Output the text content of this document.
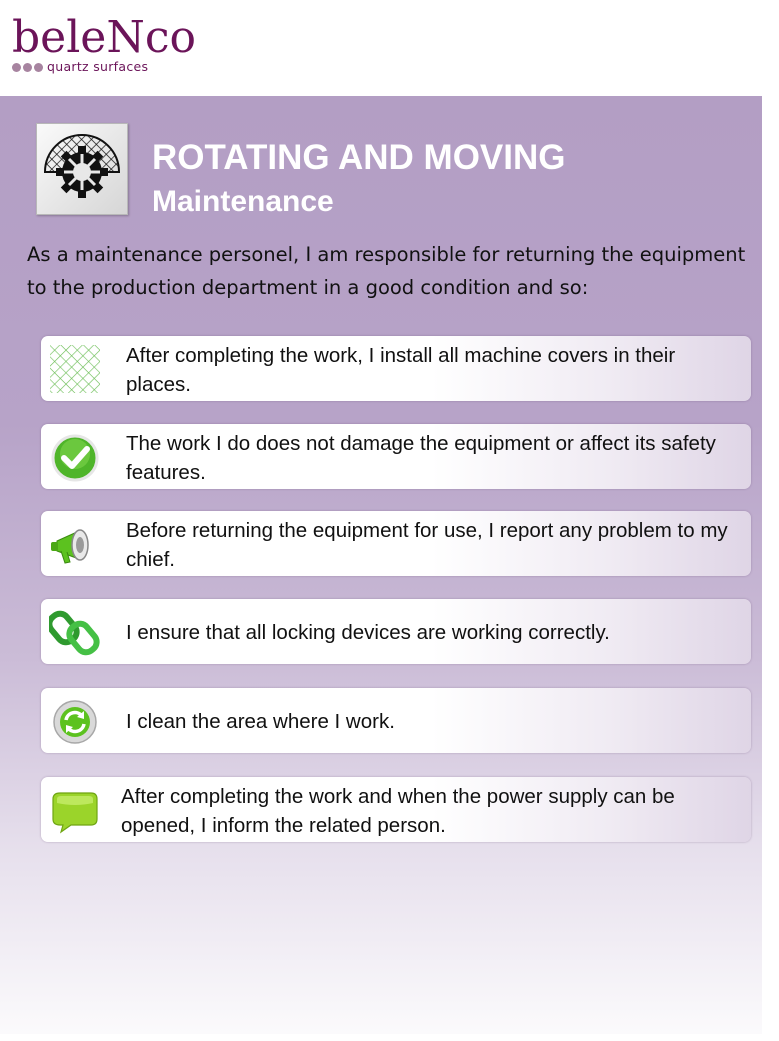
beleNco
quartz surfaces
ROTATING AND MOVING
Maintenance
As a maintenance personel, I am responsible for returning the equipment to the production department in a good condition and so:
After completing the work, I install all machine covers in their places.
The work I do does not damage the equipment or affect its safety features.
Before returning the equipment for use, I report any problem to my chief.
I ensure that all locking devices are working correctly.
I clean the area where I work.
After completing the work and when the power supply can be opened, I inform the related person.
